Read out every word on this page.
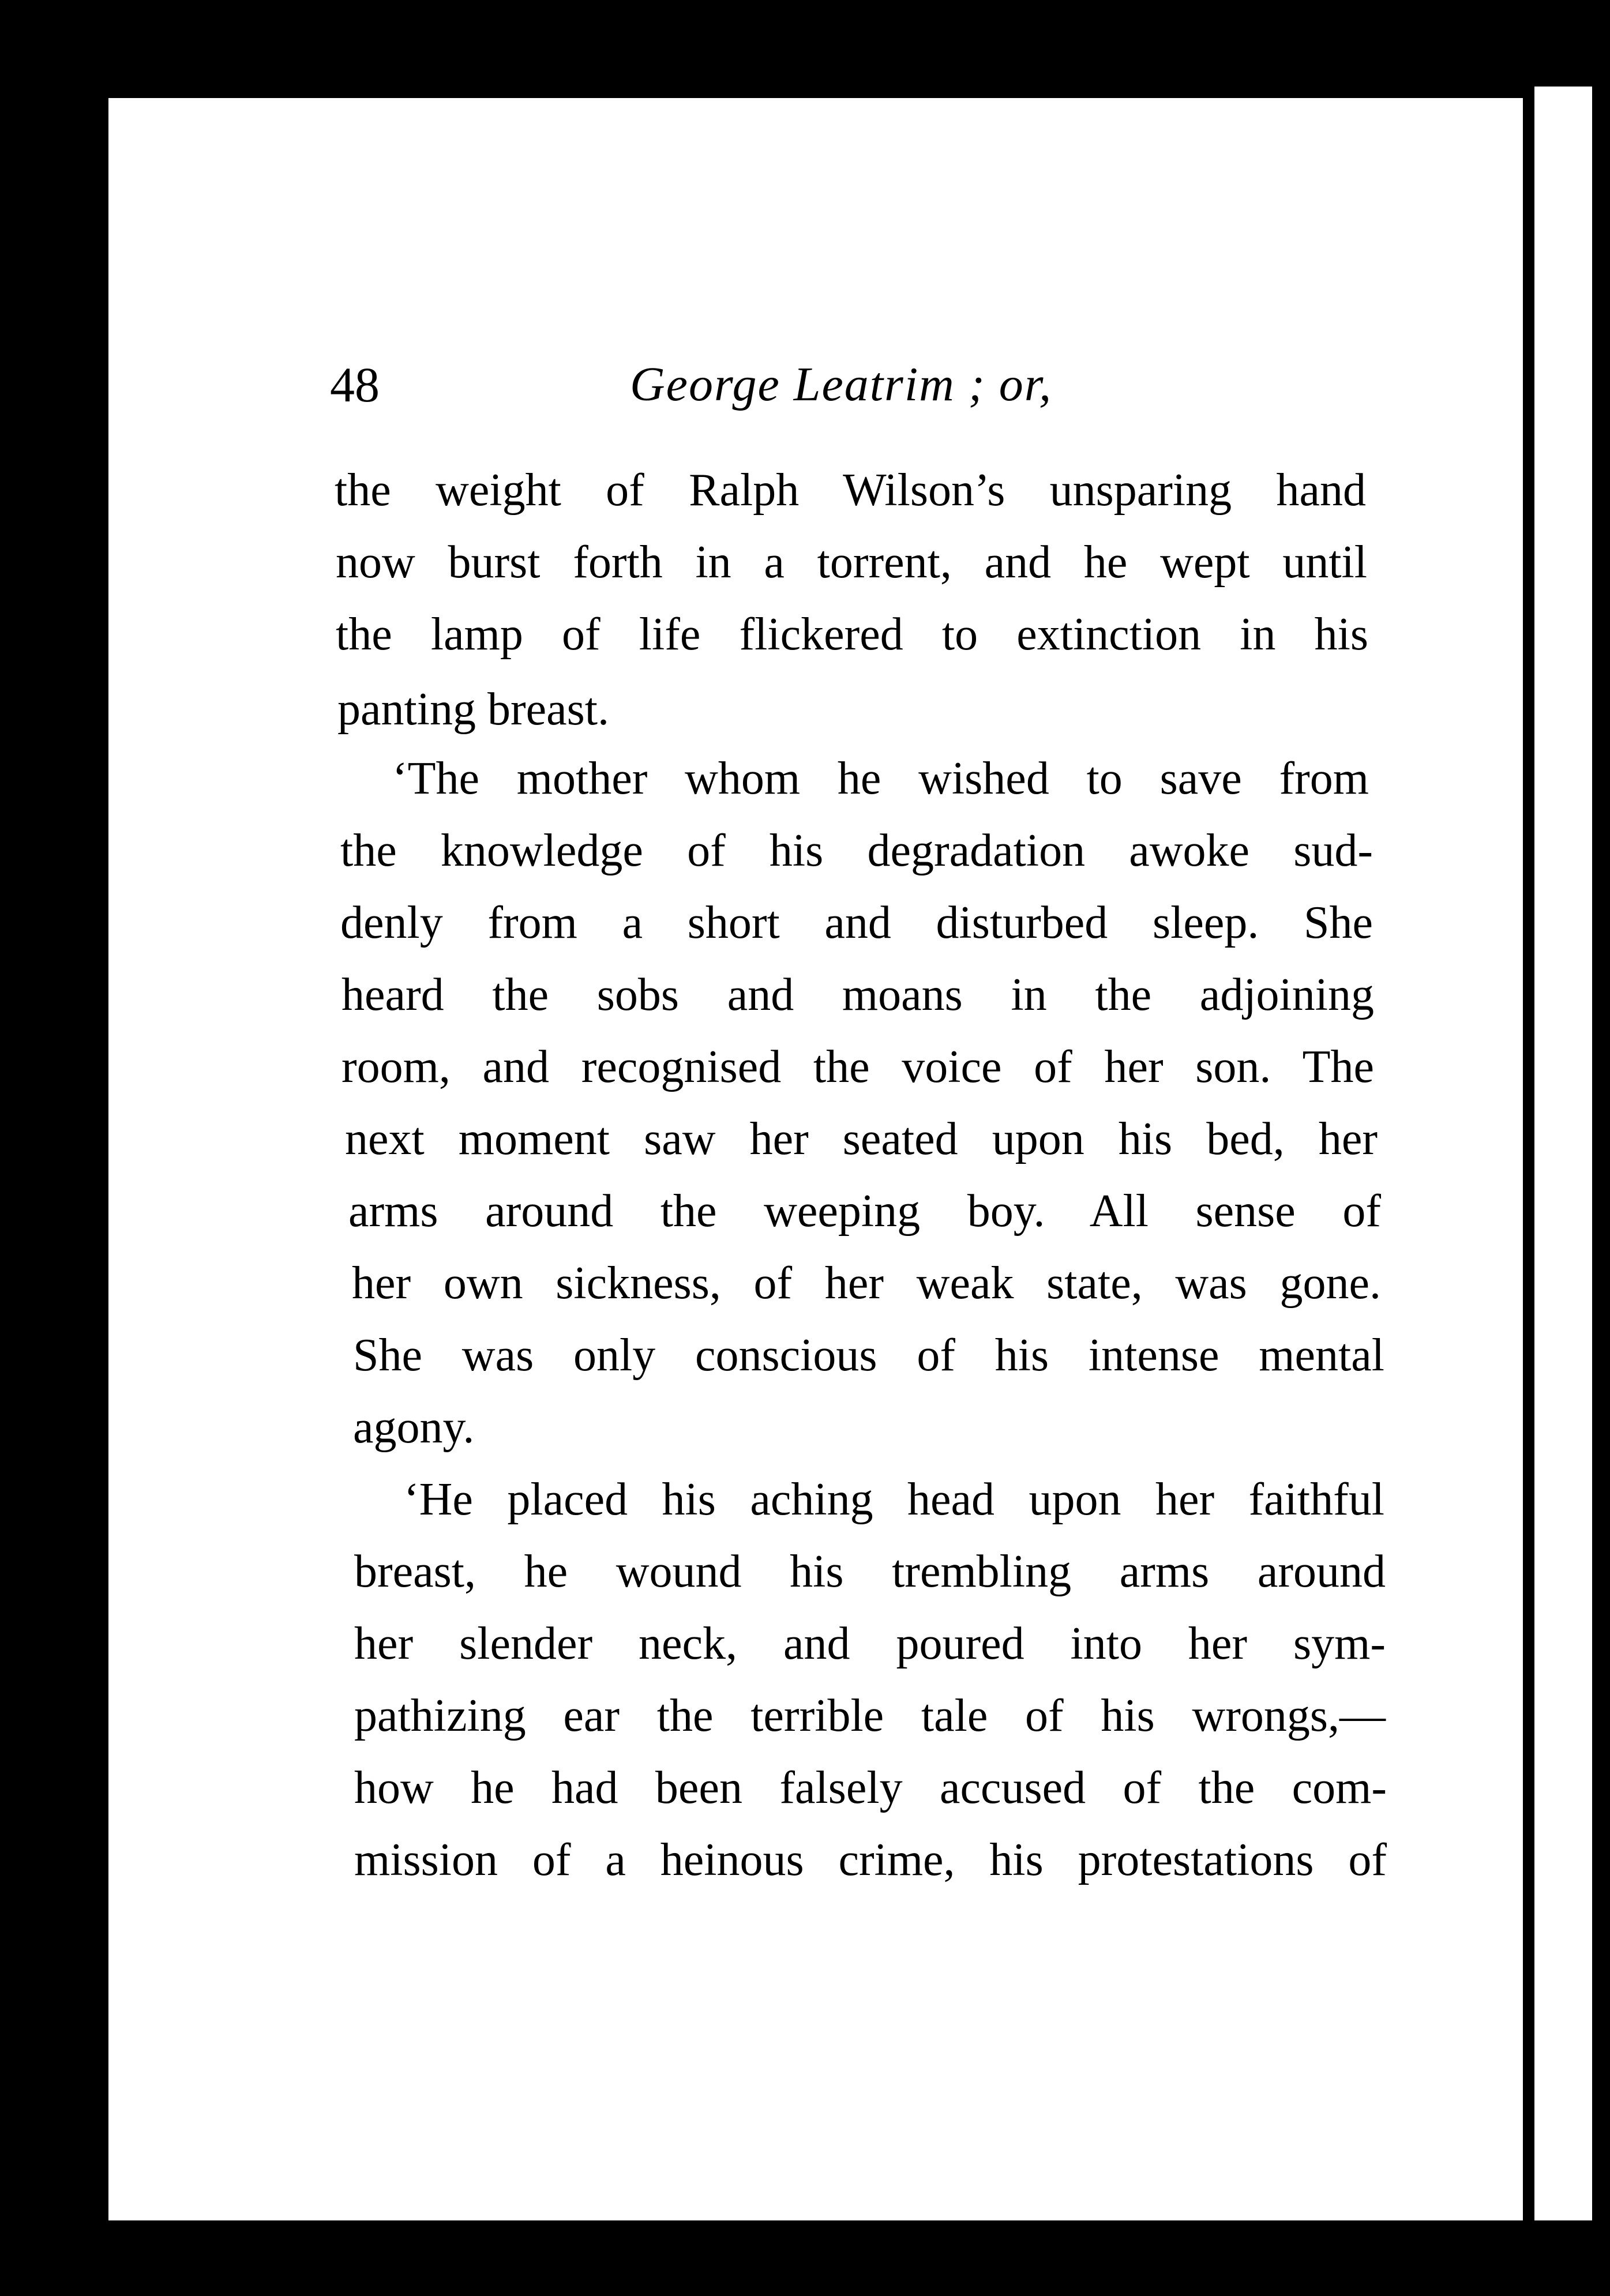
48	George Leatrim ; or,
the weight of Ralph Wilson’s unsparing hand
now burst forth in a torrent, and he wept until
the lamp of life flickered to extinction in his
panting breast.
‘The mother whom he wished to save from
the knowledge of his degradation awoke sud-
denly from a short and disturbed sleep. She
heard the sobs and moans in the adjoining
room, and recognised the voice of her son. The
next moment saw her seated upon his bed, her
arms around the weeping boy. All sense of
her own sickness, of her weak state, was gone.
She was only conscious of his intense mental
agony.
‘He placed his aching head upon her faithful
breast, he wound his trembling arms around
her slender neck, and poured into her sym-
pathizing ear the terrible tale of his wrongs,—
how he had been falsely accused of the com-
mission of a heinous crime, his protestations of
